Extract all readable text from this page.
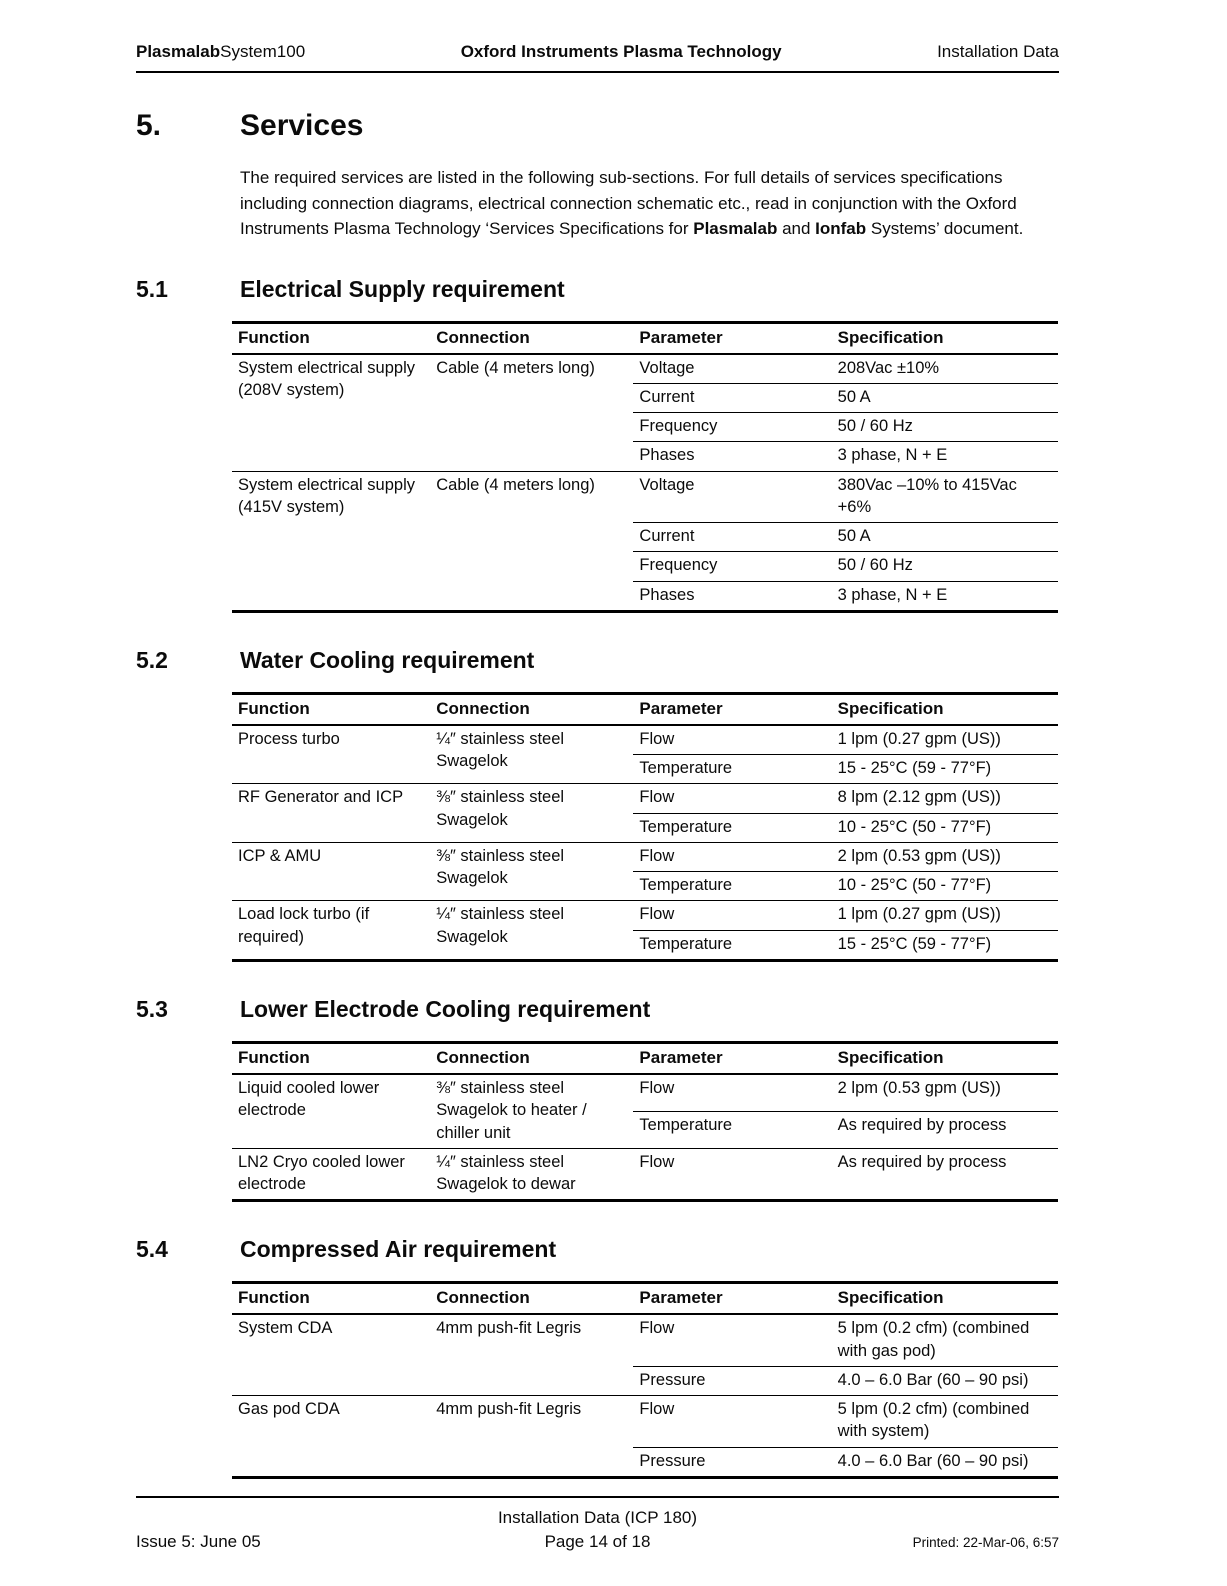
PlasmalabSystem100	Oxford Instruments Plasma Technology	Installation Data
5.	Services

The required services are listed in the following sub-sections. For full details of services specifications including connection diagrams, electrical connection schematic etc., read in conjunction with the Oxford Instruments Plasma Technology ‘Services Specifications for Plasmalab and Ionfab Systems’ document.

5.1	Electrical Supply requirement
Function	Connection	Parameter	Specification
System electrical supply (208V system)	Cable (4 meters long)	Voltage	208Vac ±10%
		Current	50 A
		Frequency	50 / 60 Hz
		Phases	3 phase, N + E
System electrical supply (415V system)	Cable (4 meters long)	Voltage	380Vac –10% to 415Vac +6%
		Current	50 A
		Frequency	50 / 60 Hz
		Phases	3 phase, N + E
5.2	Water Cooling requirement
Function	Connection	Parameter	Specification
Process turbo	¼″ stainless steel Swagelok	Flow	1 lpm (0.27 gpm (US))
		Temperature	15 - 25°C (59 - 77°F)
RF Generator and ICP	⅜″ stainless steel Swagelok	Flow	8 lpm (2.12 gpm (US))
		Temperature	10 - 25°C (50 - 77°F)
ICP & AMU	⅜″ stainless steel Swagelok	Flow	2 lpm (0.53 gpm (US))
		Temperature	10 - 25°C (50 - 77°F)
Load lock turbo (if required)	¼″ stainless steel Swagelok	Flow	1 lpm (0.27 gpm (US))
		Temperature	15 - 25°C (59 - 77°F)
5.3	Lower Electrode Cooling requirement
Function	Connection	Parameter	Specification
Liquid cooled lower electrode	⅜″ stainless steel Swagelok to heater / chiller unit	Flow	2 lpm (0.53 gpm (US))
		Temperature	As required by process
LN2 Cryo cooled lower electrode	¼″ stainless steel Swagelok to dewar	Flow	As required by process
5.4	Compressed Air requirement
Function	Connection	Parameter	Specification
System CDA	4mm push-fit Legris	Flow	5 lpm (0.2 cfm) (combined with gas pod)
		Pressure	4.0 – 6.0 Bar (60 – 90 psi)
Gas pod CDA	4mm push-fit Legris	Flow	5 lpm (0.2 cfm) (combined with system)
		Pressure	4.0 – 6.0 Bar (60 – 90 psi)
Installation Data (ICP 180)
Issue 5: June 05	Page 14 of 18	Printed: 22-Mar-06, 6:57
